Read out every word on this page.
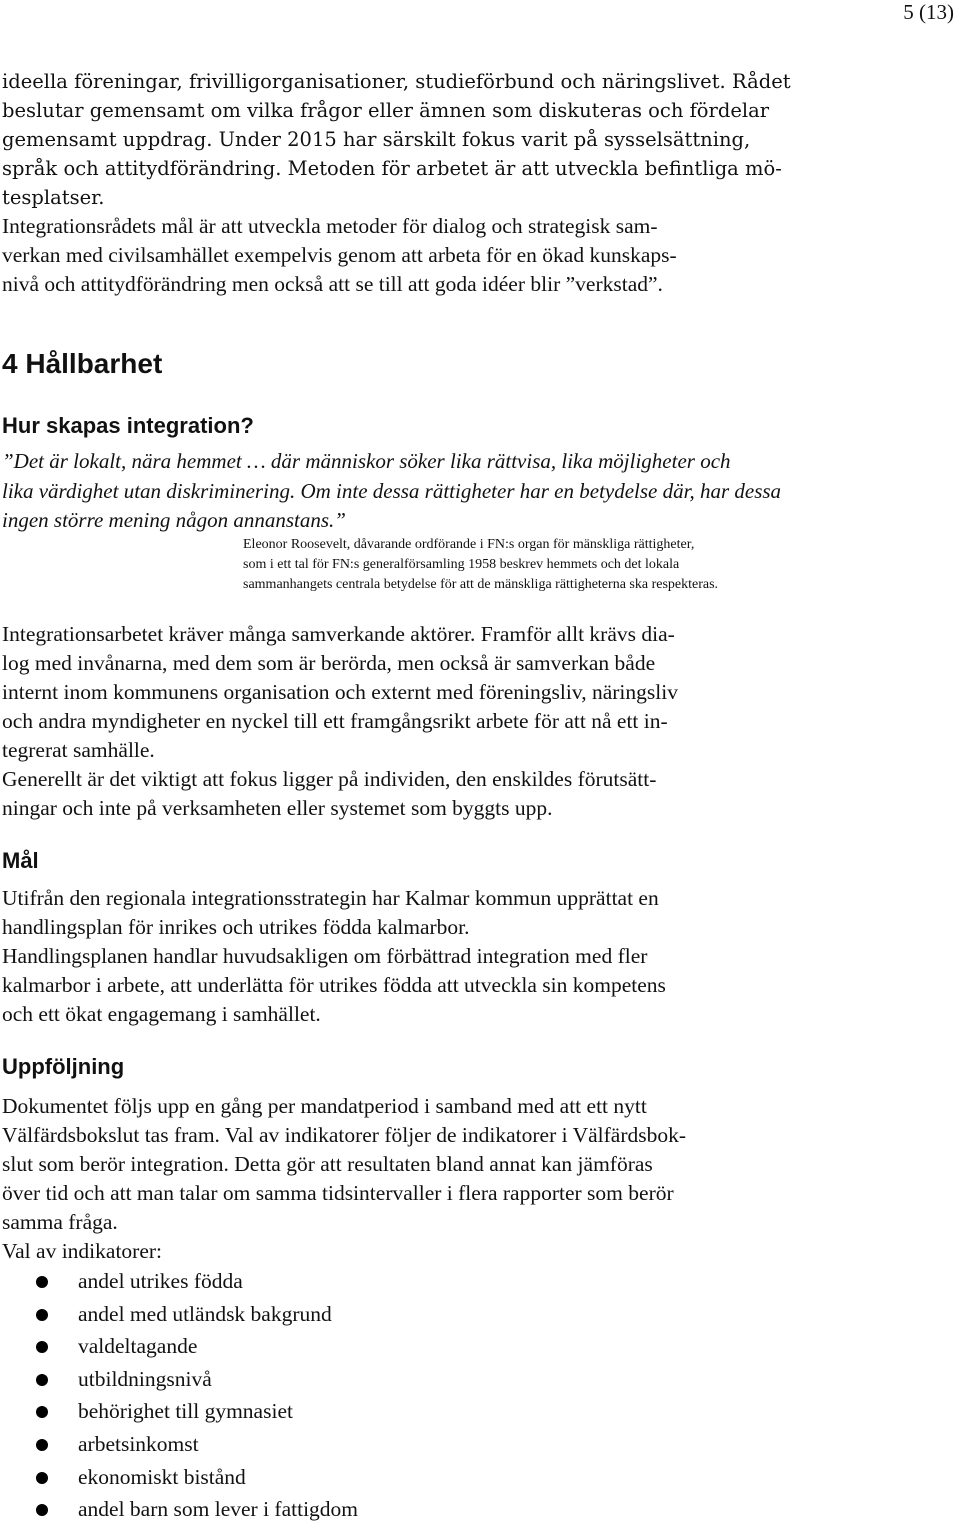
5 (13)
ideella föreningar, frivilligorganisationer, studieförbund och näringslivet. Rådet
beslutar gemensamt om vilka frågor eller ämnen som diskuteras och fördelar
gemensamt uppdrag. Under 2015 har särskilt fokus varit på sysselsättning,
språk och attitydförändring. Metoden för arbetet är att utveckla befintliga mö-
tesplatser.
Integrationsrådets mål är att utveckla metoder för dialog och strategisk sam-
verkan med civilsamhället exempelvis genom att arbeta för en ökad kunskaps-
nivå och attitydförändring men också att se till att goda idéer blir ”verkstad”.
4 Hållbarhet
Hur skapas integration?
”Det är lokalt, nära hemmet … där människor söker lika rättvisa, lika möjligheter och
lika värdighet utan diskriminering. Om inte dessa rättigheter har en betydelse där, har dessa
ingen större mening någon annanstans.”
Eleonor Roosevelt, dåvarande ordförande i FN:s organ för mänskliga rättigheter,
som i ett tal för FN:s generalförsamling 1958 beskrev hemmets och det lokala
sammanhangets centrala betydelse för att de mänskliga rättigheterna ska respekteras.
Integrationsarbetet kräver många samverkande aktörer. Framför allt krävs dia-
log med invånarna, med dem som är berörda, men också är samverkan både
internt inom kommunens organisation och externt med föreningsliv, näringsliv
och andra myndigheter en nyckel till ett framgångsrikt arbete för att nå ett in-
tegrerat samhälle.
Generellt är det viktigt att fokus ligger på individen, den enskildes förutsätt-
ningar och inte på verksamheten eller systemet som byggts upp.
Mål
Utifrån den regionala integrationsstrategin har Kalmar kommun upprättat en
handlingsplan för inrikes och utrikes födda kalmarbor.
Handlingsplanen handlar huvudsakligen om förbättrad integration med fler
kalmarbor i arbete, att underlätta för utrikes födda att utveckla sin kompetens
och ett ökat engagemang i samhället.
Uppföljning
Dokumentet följs upp en gång per mandatperiod i samband med att ett nytt
Välfärdsbokslut tas fram. Val av indikatorer följer de indikatorer i Välfärdsbok-
slut som berör integration. Detta gör att resultaten bland annat kan jämföras
över tid och att man talar om samma tidsintervaller i flera rapporter som berör
samma fråga.
Val av indikatorer:
andel utrikes födda
andel med utländsk bakgrund
valdeltagande
utbildningsnivå
behörighet till gymnasiet
arbetsinkomst
ekonomiskt bistånd
andel barn som lever i fattigdom
